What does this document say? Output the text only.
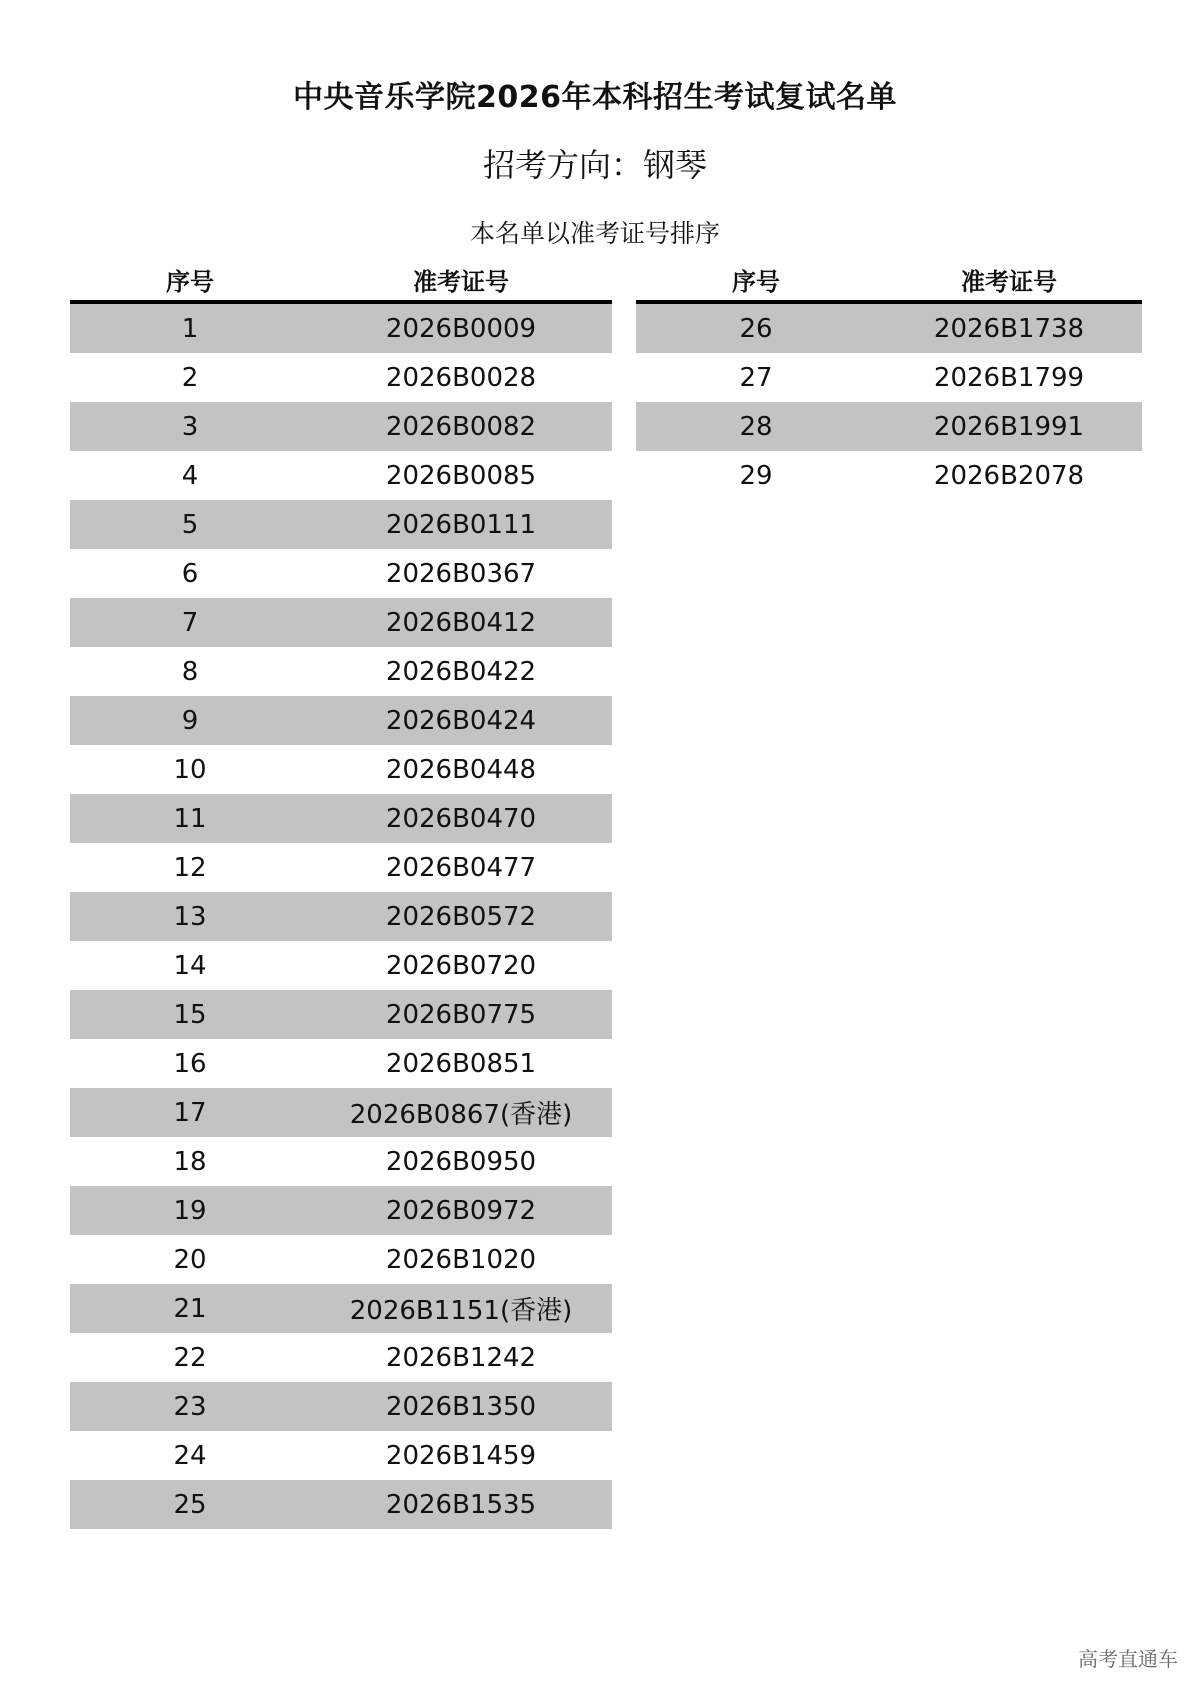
中央音乐学院2026年本科招生考试复试名单
招考方向：钢琴
本名单以准考证号排序
序号	准考证号
1	2026B0009
2	2026B0028
3	2026B0082
4	2026B0085
5	2026B0111
6	2026B0367
7	2026B0412
8	2026B0422
9	2026B0424
10	2026B0448
11	2026B0470
12	2026B0477
13	2026B0572
14	2026B0720
15	2026B0775
16	2026B0851
17	2026B0867(香港)
18	2026B0950
19	2026B0972
20	2026B1020
21	2026B1151(香港)
22	2026B1242
23	2026B1350
24	2026B1459
25	2026B1535
序号	准考证号
26	2026B1738
27	2026B1799
28	2026B1991
29	2026B2078
高考直通车
